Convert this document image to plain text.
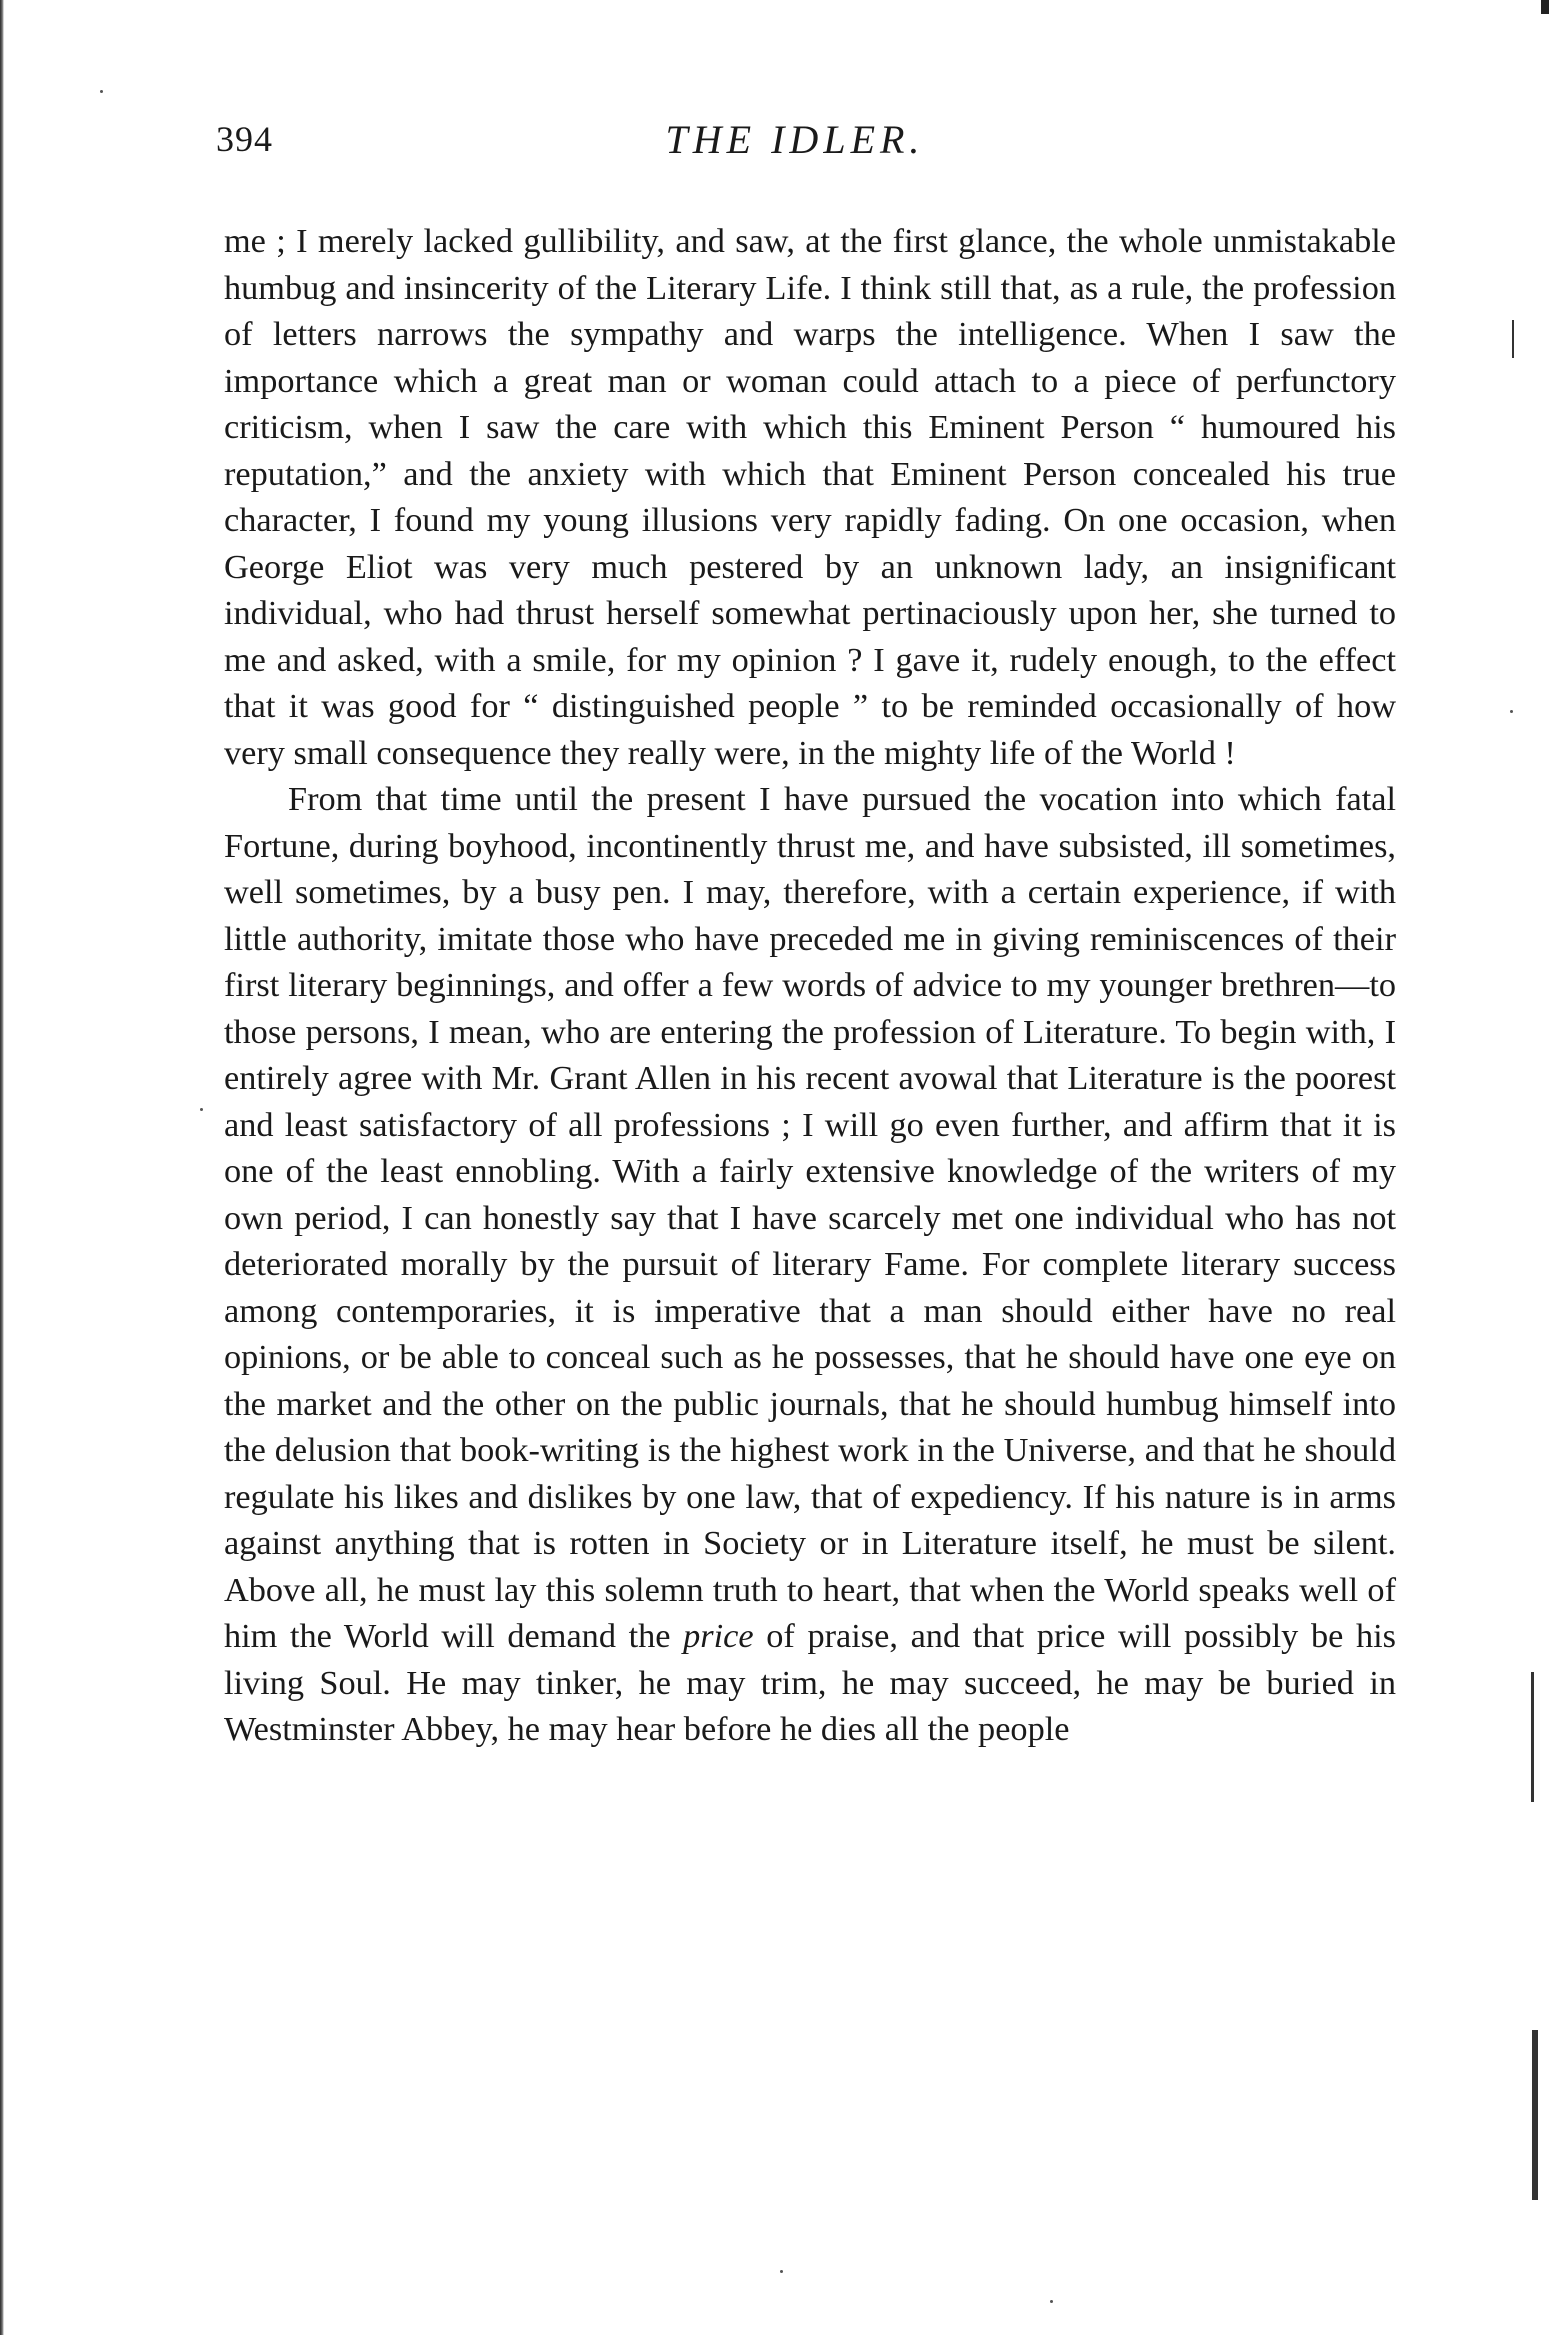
394	THE IDLER.

me ; I merely lacked gullibility, and saw, at the first glance, the whole unmistakable humbug and insincerity of the Literary Life. I think still that, as a rule, the profession of letters narrows the sympathy and warps the intelligence. When I saw the importance which a great man or woman could attach to a piece of perfunctory criticism, when I saw the care with which this Eminent Person “ humoured his reputation,” and the anxiety with which that Eminent Person concealed his true character, I found my young illusions very rapidly fading. On one occasion, when George Eliot was very much pestered by an unknown lady, an insignificant individual, who had thrust herself somewhat pertinaciously upon her, she turned to me and asked, with a smile, for my opinion ? I gave it, rudely enough, to the effect that it was good for “ distinguished people ” to be reminded occasionally of how very small consequence they really were, in the mighty life of the World !

From that time until the present I have pursued the vocation into which fatal Fortune, during boyhood, incontinently thrust me, and have subsisted, ill sometimes, well sometimes, by a busy pen. I may, therefore, with a certain experience, if with little authority, imitate those who have preceded me in giving reminiscences of their first literary beginnings, and offer a few words of advice to my younger brethren—to those persons, I mean, who are entering the profession of Literature. To begin with, I entirely agree with Mr. Grant Allen in his recent avowal that Literature is the poorest and least satisfactory of all professions ; I will go even further, and affirm that it is one of the least ennobling. With a fairly extensive knowledge of the writers of my own period, I can honestly say that I have scarcely met one individual who has not deteriorated morally by the pursuit of literary Fame. For complete literary success among contemporaries, it is imperative that a man should either have no real opinions, or be able to conceal such as he possesses, that he should have one eye on the market and the other on the public journals, that he should humbug himself into the delusion that book-writing is the highest work in the Universe, and that he should regulate his likes and dislikes by one law, that of expediency. If his nature is in arms against anything that is rotten in Society or in Literature itself, he must be silent. Above all, he must lay this solemn truth to heart, that when the World speaks well of him the World will demand the price of praise, and that price will possibly be his living Soul. He may tinker, he may trim, he may succeed, he may be buried in Westminster Abbey, he may hear before he dies all the people
